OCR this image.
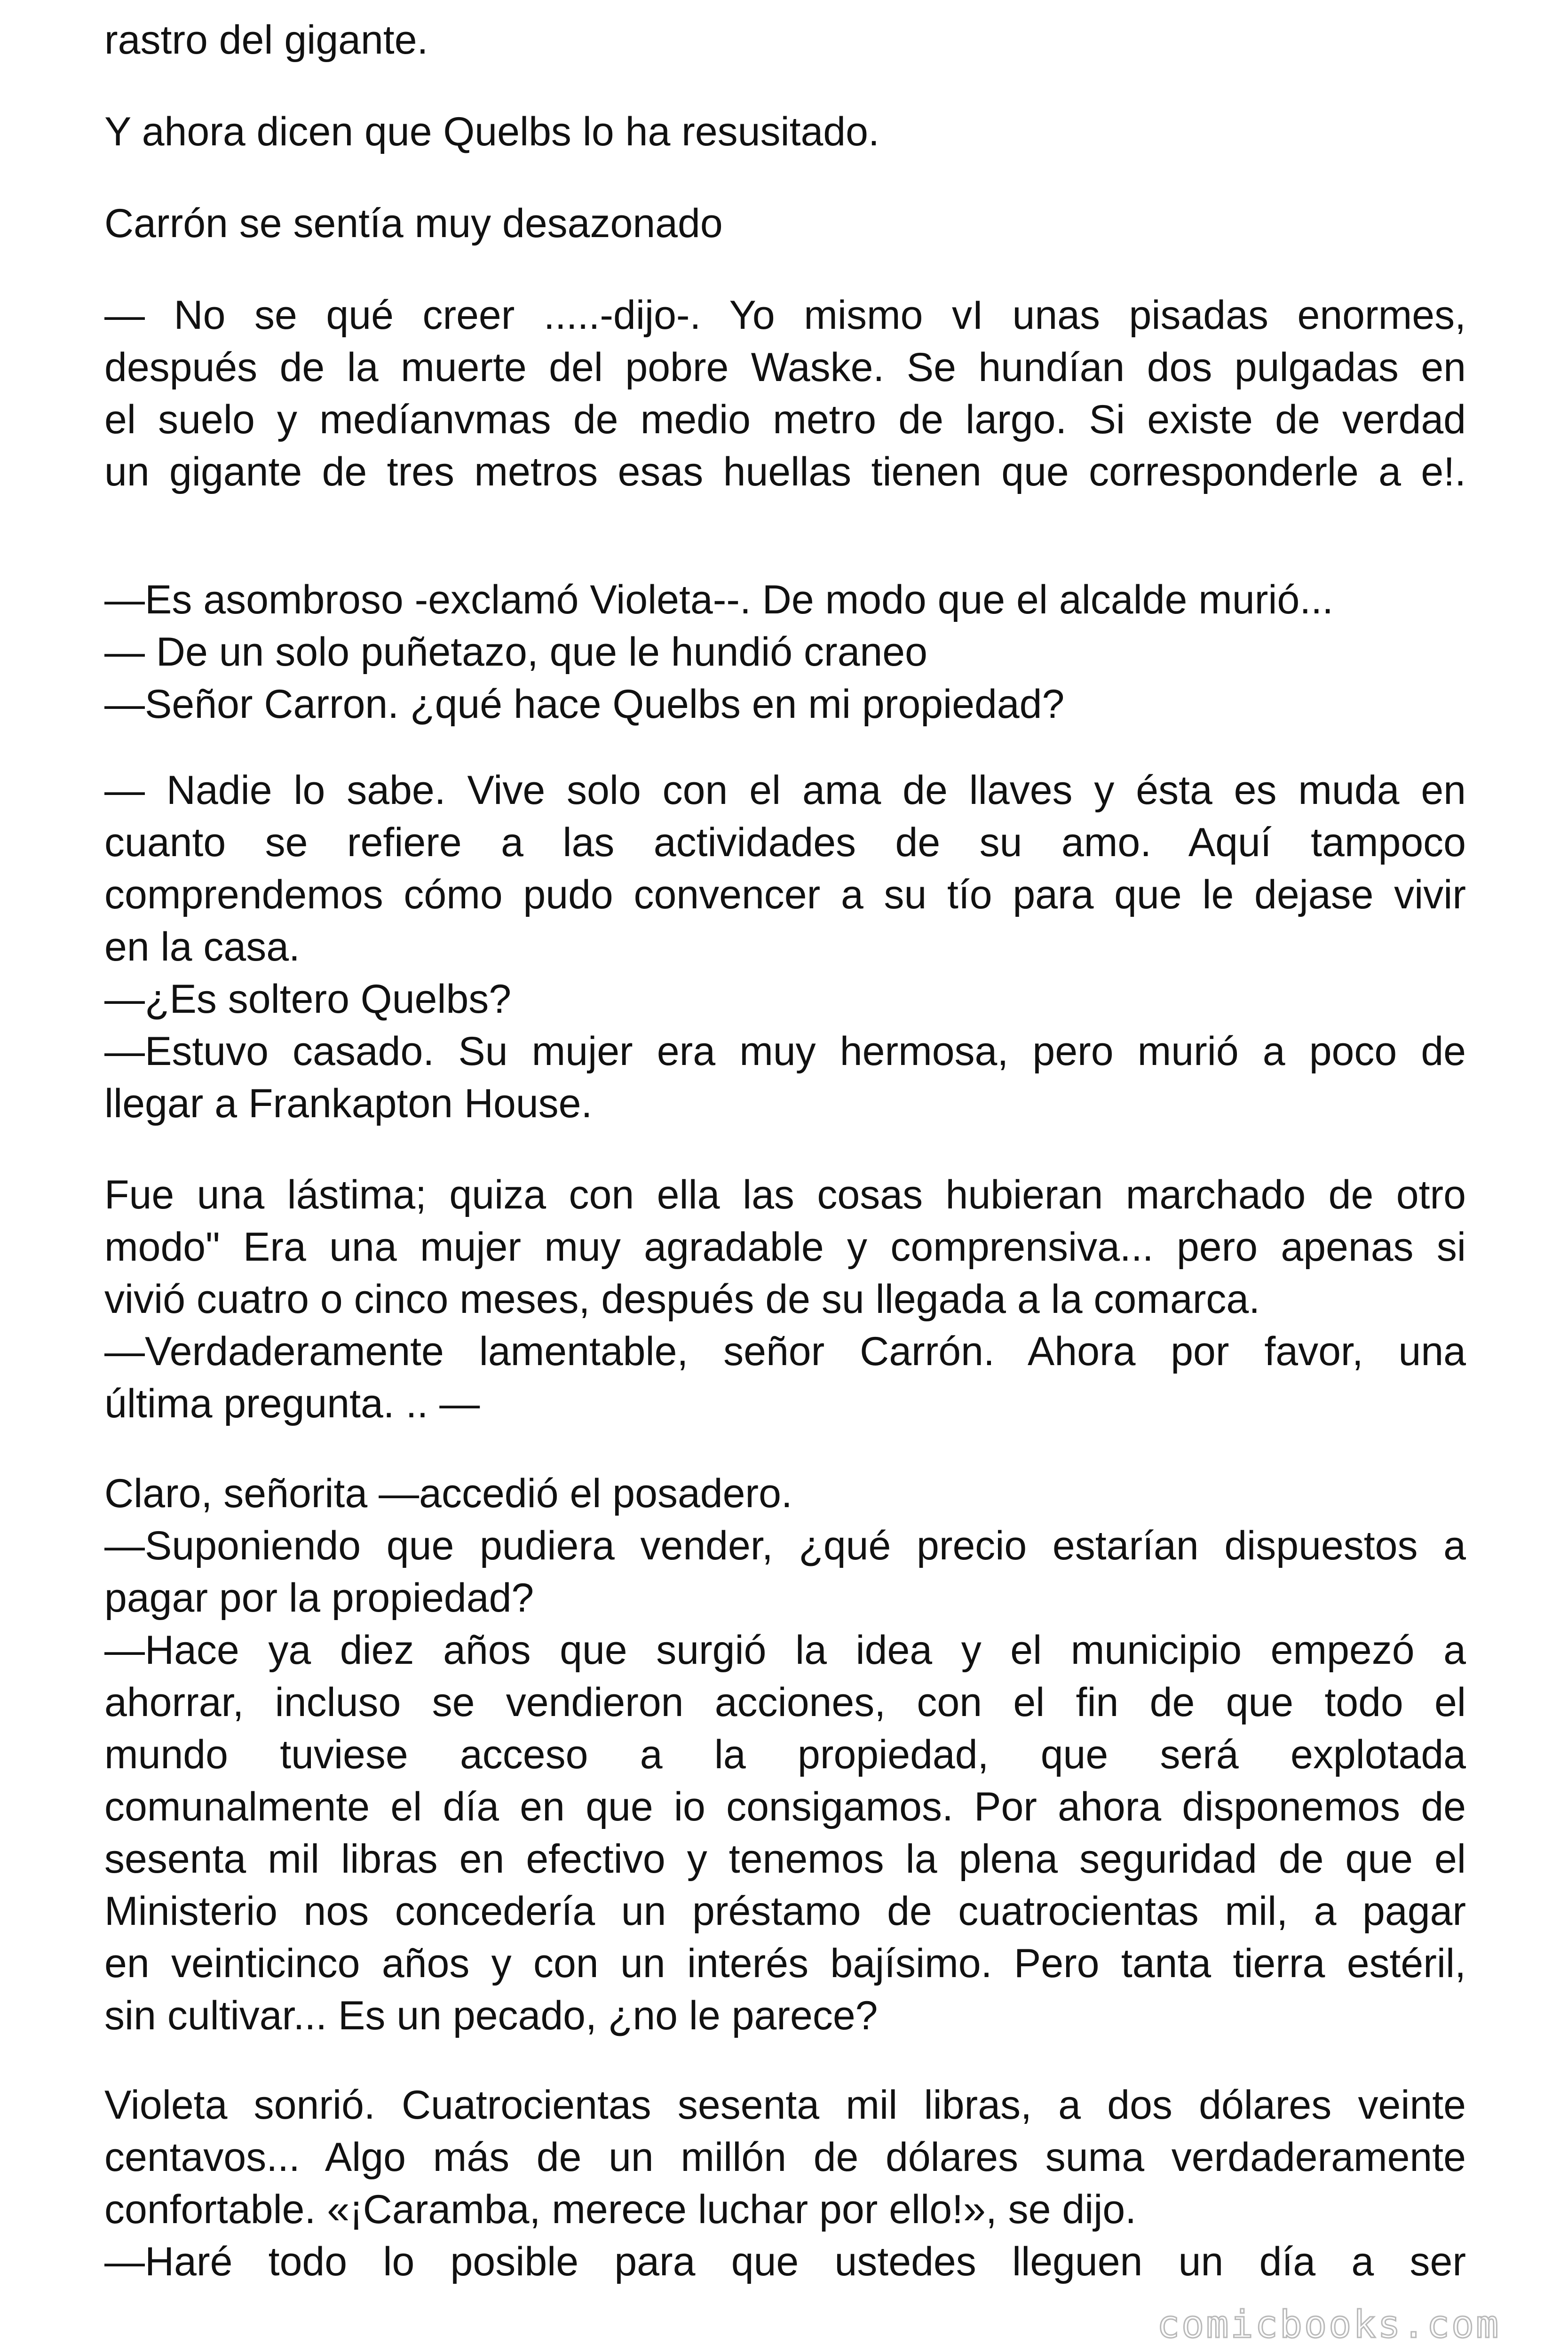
rastro del gigante.

Y ahora dicen que Quelbs lo ha resusitado.

Carrón se sentía muy desazonado

— No se qué creer .....-dijo-. Yo mismo vI unas pisadas enormes,
después de la muerte del pobre Waske. Se hundían dos pulgadas en
el suelo y medíanvmas de medio metro de largo. Si existe de verdad
un gigante de tres metros esas huellas tienen que corresponderle a e!.

—Es asombroso -exclamó Violeta--. De modo que el alcalde murió...
— De un solo puñetazo, que le hundió craneo
—Señor Carron. ¿qué hace Quelbs en mi propiedad?

— Nadie lo sabe. Vive solo con el ama de llaves y ésta es muda en
cuanto se refiere a las actividades de su amo. Aquí tampoco
comprendemos cómo pudo convencer a su tío para que le dejase vivir
en la casa.
—¿Es soltero Quelbs?
—Estuvo casado. Su mujer era muy hermosa, pero murió a poco de
llegar a Frankapton House.

Fue una lástima; quiza con ella las cosas hubieran marchado de otro
modo" Era una mujer muy agradable y comprensiva... pero apenas si
vivió cuatro o cinco meses, después de su llegada a la comarca.
—Verdaderamente lamentable, señor Carrón. Ahora por favor, una
última pregunta. .. —

Claro, señorita —accedió el posadero.
—Suponiendo que pudiera vender, ¿qué precio estarían dispuestos a
pagar por la propiedad?
—Hace ya diez años que surgió la idea y el municipio empezó a
ahorrar, incluso se vendieron acciones, con el fin de que todo el
mundo tuviese acceso a la propiedad, que será explotada
comunalmente el día en que io consigamos. Por ahora disponemos de
sesenta mil libras en efectivo y tenemos la plena seguridad de que el
Ministerio nos concedería un préstamo de cuatrocientas mil, a pagar
en veinticinco años y con un interés bajísimo. Pero tanta tierra estéril,
sin cultivar... Es un pecado, ¿no le parece?

Violeta sonrió. Cuatrocientas sesenta mil libras, a dos dólares veinte
centavos... Algo más de un millón de dólares suma verdaderamente
confortable. «¡Caramba, merece luchar por ello!», se dijo.
—Haré todo lo posible para que ustedes lleguen un día a ser

comicbooks.com
